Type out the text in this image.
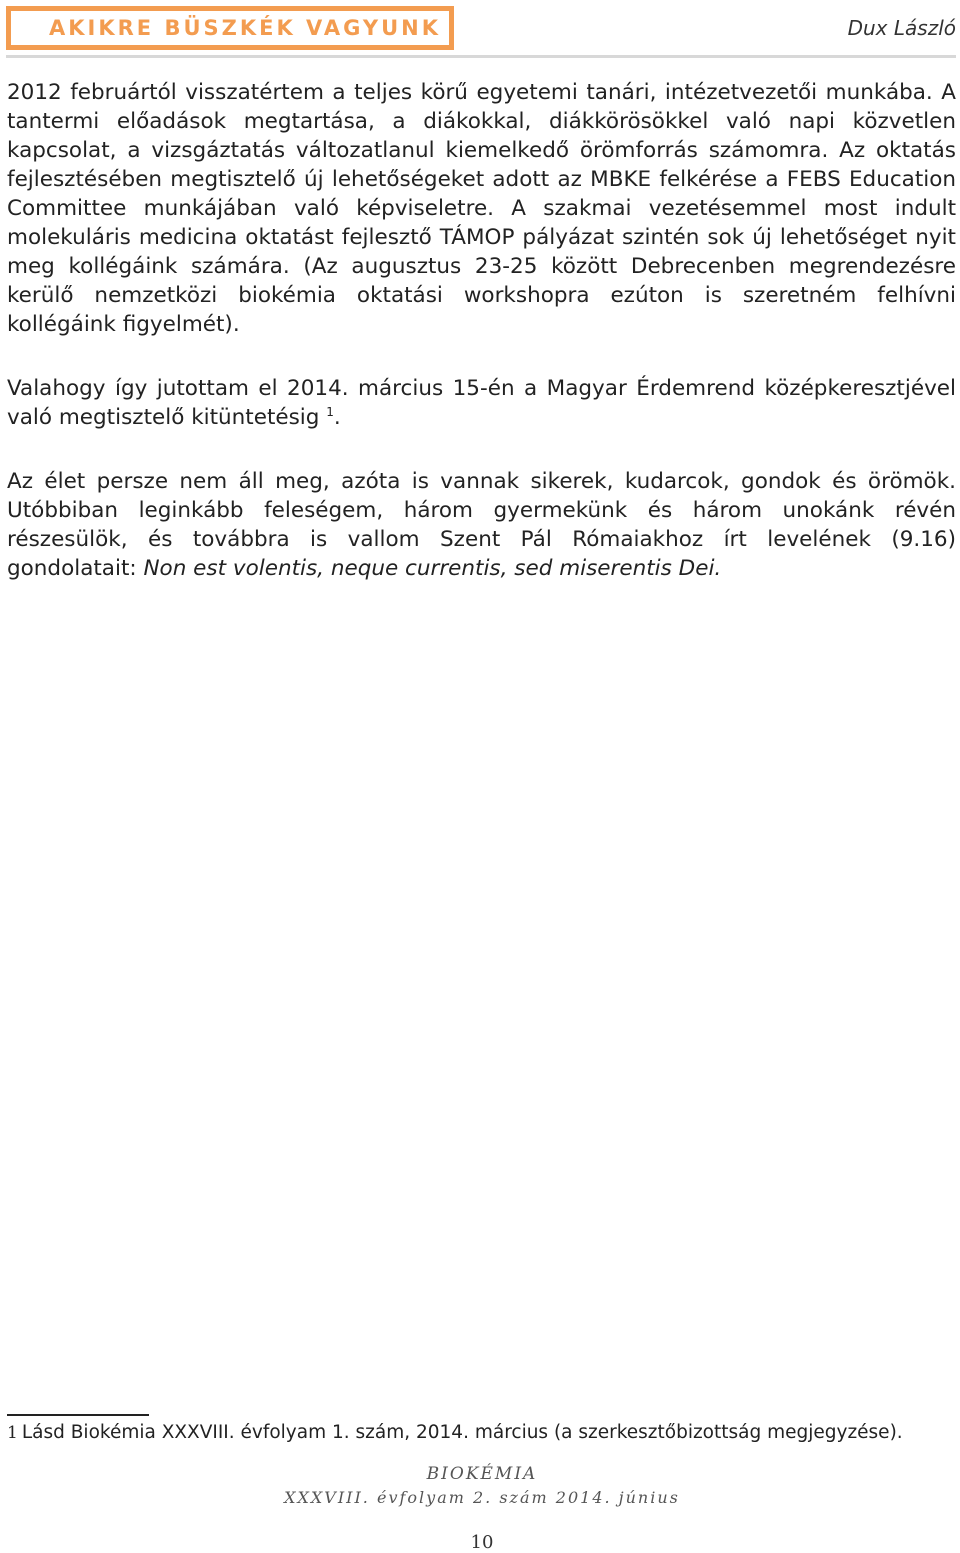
AKIKRE BÜSZKÉK VAGYUNK	Dux László

2012 februártól visszatértem a teljes körű egyetemi tanári, intézetvezetői munkába. A tantermi előadások megtartása, a diákokkal, diákkörösökkel való napi közvetlen kapcsolat, a vizsgáztatás változatlanul kiemelkedő örömforrás számomra. Az oktatás fejlesztésében megtisztelő új lehetőségeket adott az MBKE felkérése a FEBS Education Committee munkájában való képviseletre. A szakmai vezetésemmel most indult molekuláris medicina oktatást fejlesztő TÁMOP pályázat szintén sok új lehetőséget nyit meg kollégáink számára. (Az augusztus 23-25 között Debrecenben megrendezésre kerülő nemzetközi biokémia oktatási workshopra ezúton is szeretném felhívni kollégáink figyelmét).

Valahogy így jutottam el 2014. március 15-én a Magyar Érdemrend középkeresztjével való megtisztelő kitüntetésig $^1$.

Az élet persze nem áll meg, azóta is vannak sikerek, kudarcok, gondok és örömök. Utóbbiban leginkább feleségem, három gyermekünk és három unokánk révén részesülök, és továbbra is vallom Szent Pál Rómaiakhoz írt levelének (9.16) gondolatait: Non est volentis, neque currentis, sed miserentis Dei.

1 Lásd Biokémia XXXVIII. évfolyam 1. szám, 2014. március (a szerkesztőbizottság megjegyzése).
BIOKÉMIA
XXXVIII. évfolyam 2. szám 2014. június
10
